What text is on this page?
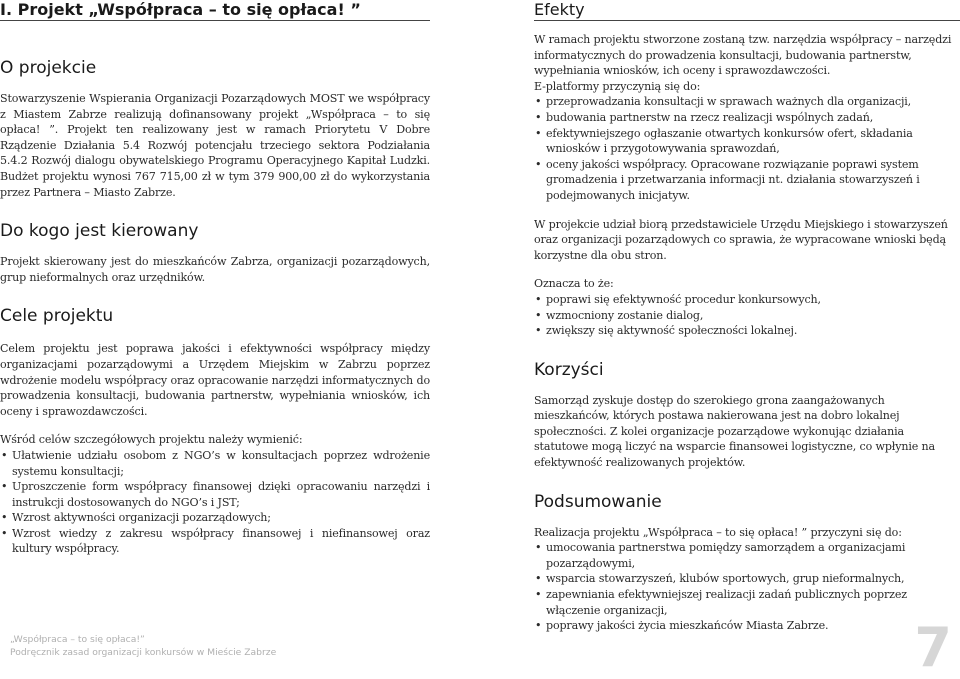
I. Projekt „Współpraca – to się opłaca! ”
O projekcie

Stowarzyszenie Wspierania Organizacji Pozarządowych MOST we współpracy z Miastem Zabrze realizują dofinansowany projekt „Współpraca – to się opłaca! ”. Projekt ten realizowany jest w ramach Priorytetu V Dobre Rządzenie Działania 5.4 Rozwój potencjału trzeciego sektora Podziałania 5.4.2 Rozwój dialogu obywatelskiego Programu Operacyjnego Kapitał Ludzki. Budżet projektu wynosi 767 715,00 zł w tym 379 900,00 zł do wykorzystania przez Partnera – Miasto Zabrze.

Do kogo jest kierowany

Projekt skierowany jest do mieszkańców Zabrza, organizacji pozarządowych, grup nieformalnych oraz urzędników.

Cele projektu

Celem projektu jest poprawa jakości i efektywności współpracy między organizacjami pozarządowymi a Urzędem Miejskim w Zabrzu poprzez wdrożenie modelu współpracy oraz opracowanie narzędzi informatycznych do prowadzenia konsultacji, budowania partnerstw, wypełniania wniosków, ich oceny i sprawozdawczości.

Wśród celów szczegółowych projektu należy wymienić:

• Ułatwienie udziału osobom z NGO’s w konsultacjach poprzez wdrożenie systemu konsultacji;
• Uproszczenie form współpracy finansowej dzięki opracowaniu narzędzi i instrukcji dostosowanych do NGO’s i JST;
• Wzrost aktywności organizacji pozarządowych;
• Wzrost wiedzy z zakresu współpracy finansowej i niefinansowej oraz kultury współpracy.
Efekty

W ramach projektu stworzone zostaną tzw. narzędzia współpracy – narzędzi informatycznych do prowadzenia konsultacji, budowania partnerstw, wypełniania wniosków, ich oceny i sprawozdawczości.

E-platformy przyczynią się do:

• przeprowadzania konsultacji w sprawach ważnych dla organizacji,
• budowania partnerstw na rzecz realizacji wspólnych zadań,
• efektywniejszego ogłaszanie otwartych konkursów ofert, składania wniosków i przygotowywania sprawozdań,
• oceny jakości współpracy. Opracowane rozwiązanie poprawi system gromadzenia i przetwarzania informacji nt. działania stowarzyszeń i podejmowanych inicjatyw.

W projekcie udział biorą przedstawiciele Urzędu Miejskiego i stowarzyszeń oraz organizacji pozarządowych co sprawia, że wypracowane wnioski będą korzystne dla obu stron.

Oznacza to że:

• poprawi się efektywność procedur konkursowych,
• wzmocniony zostanie dialog,
• zwiększy się aktywność społeczności lokalnej.
Korzyści

Samorząd zyskuje dostęp do szerokiego grona zaangażowanych mieszkańców, których postawa nakierowana jest na dobro lokalnej społeczności. Z kolei organizacje pozarządowe wykonując działania statutowe mogą liczyć na wsparcie finansowei logistyczne, co wpłynie na efektywność realizowanych projektów.

Podsumowanie

Realizacja projektu „Współpraca – to się opłaca! ” przyczyni się do:

• umocowania partnerstwa pomiędzy samorządem a organizacjami pozarządowymi,
• wsparcia stowarzyszeń, klubów sportowych, grup nieformalnych,
• zapewniania efektywniejszej realizacji zadań publicznych poprzez włączenie organizacji,
• poprawy jakości życia mieszkańców Miasta Zabrze.
„Współpraca – to się opłaca!”
Podręcznik zasad organizacji konkursów w Mieście Zabrze	7
